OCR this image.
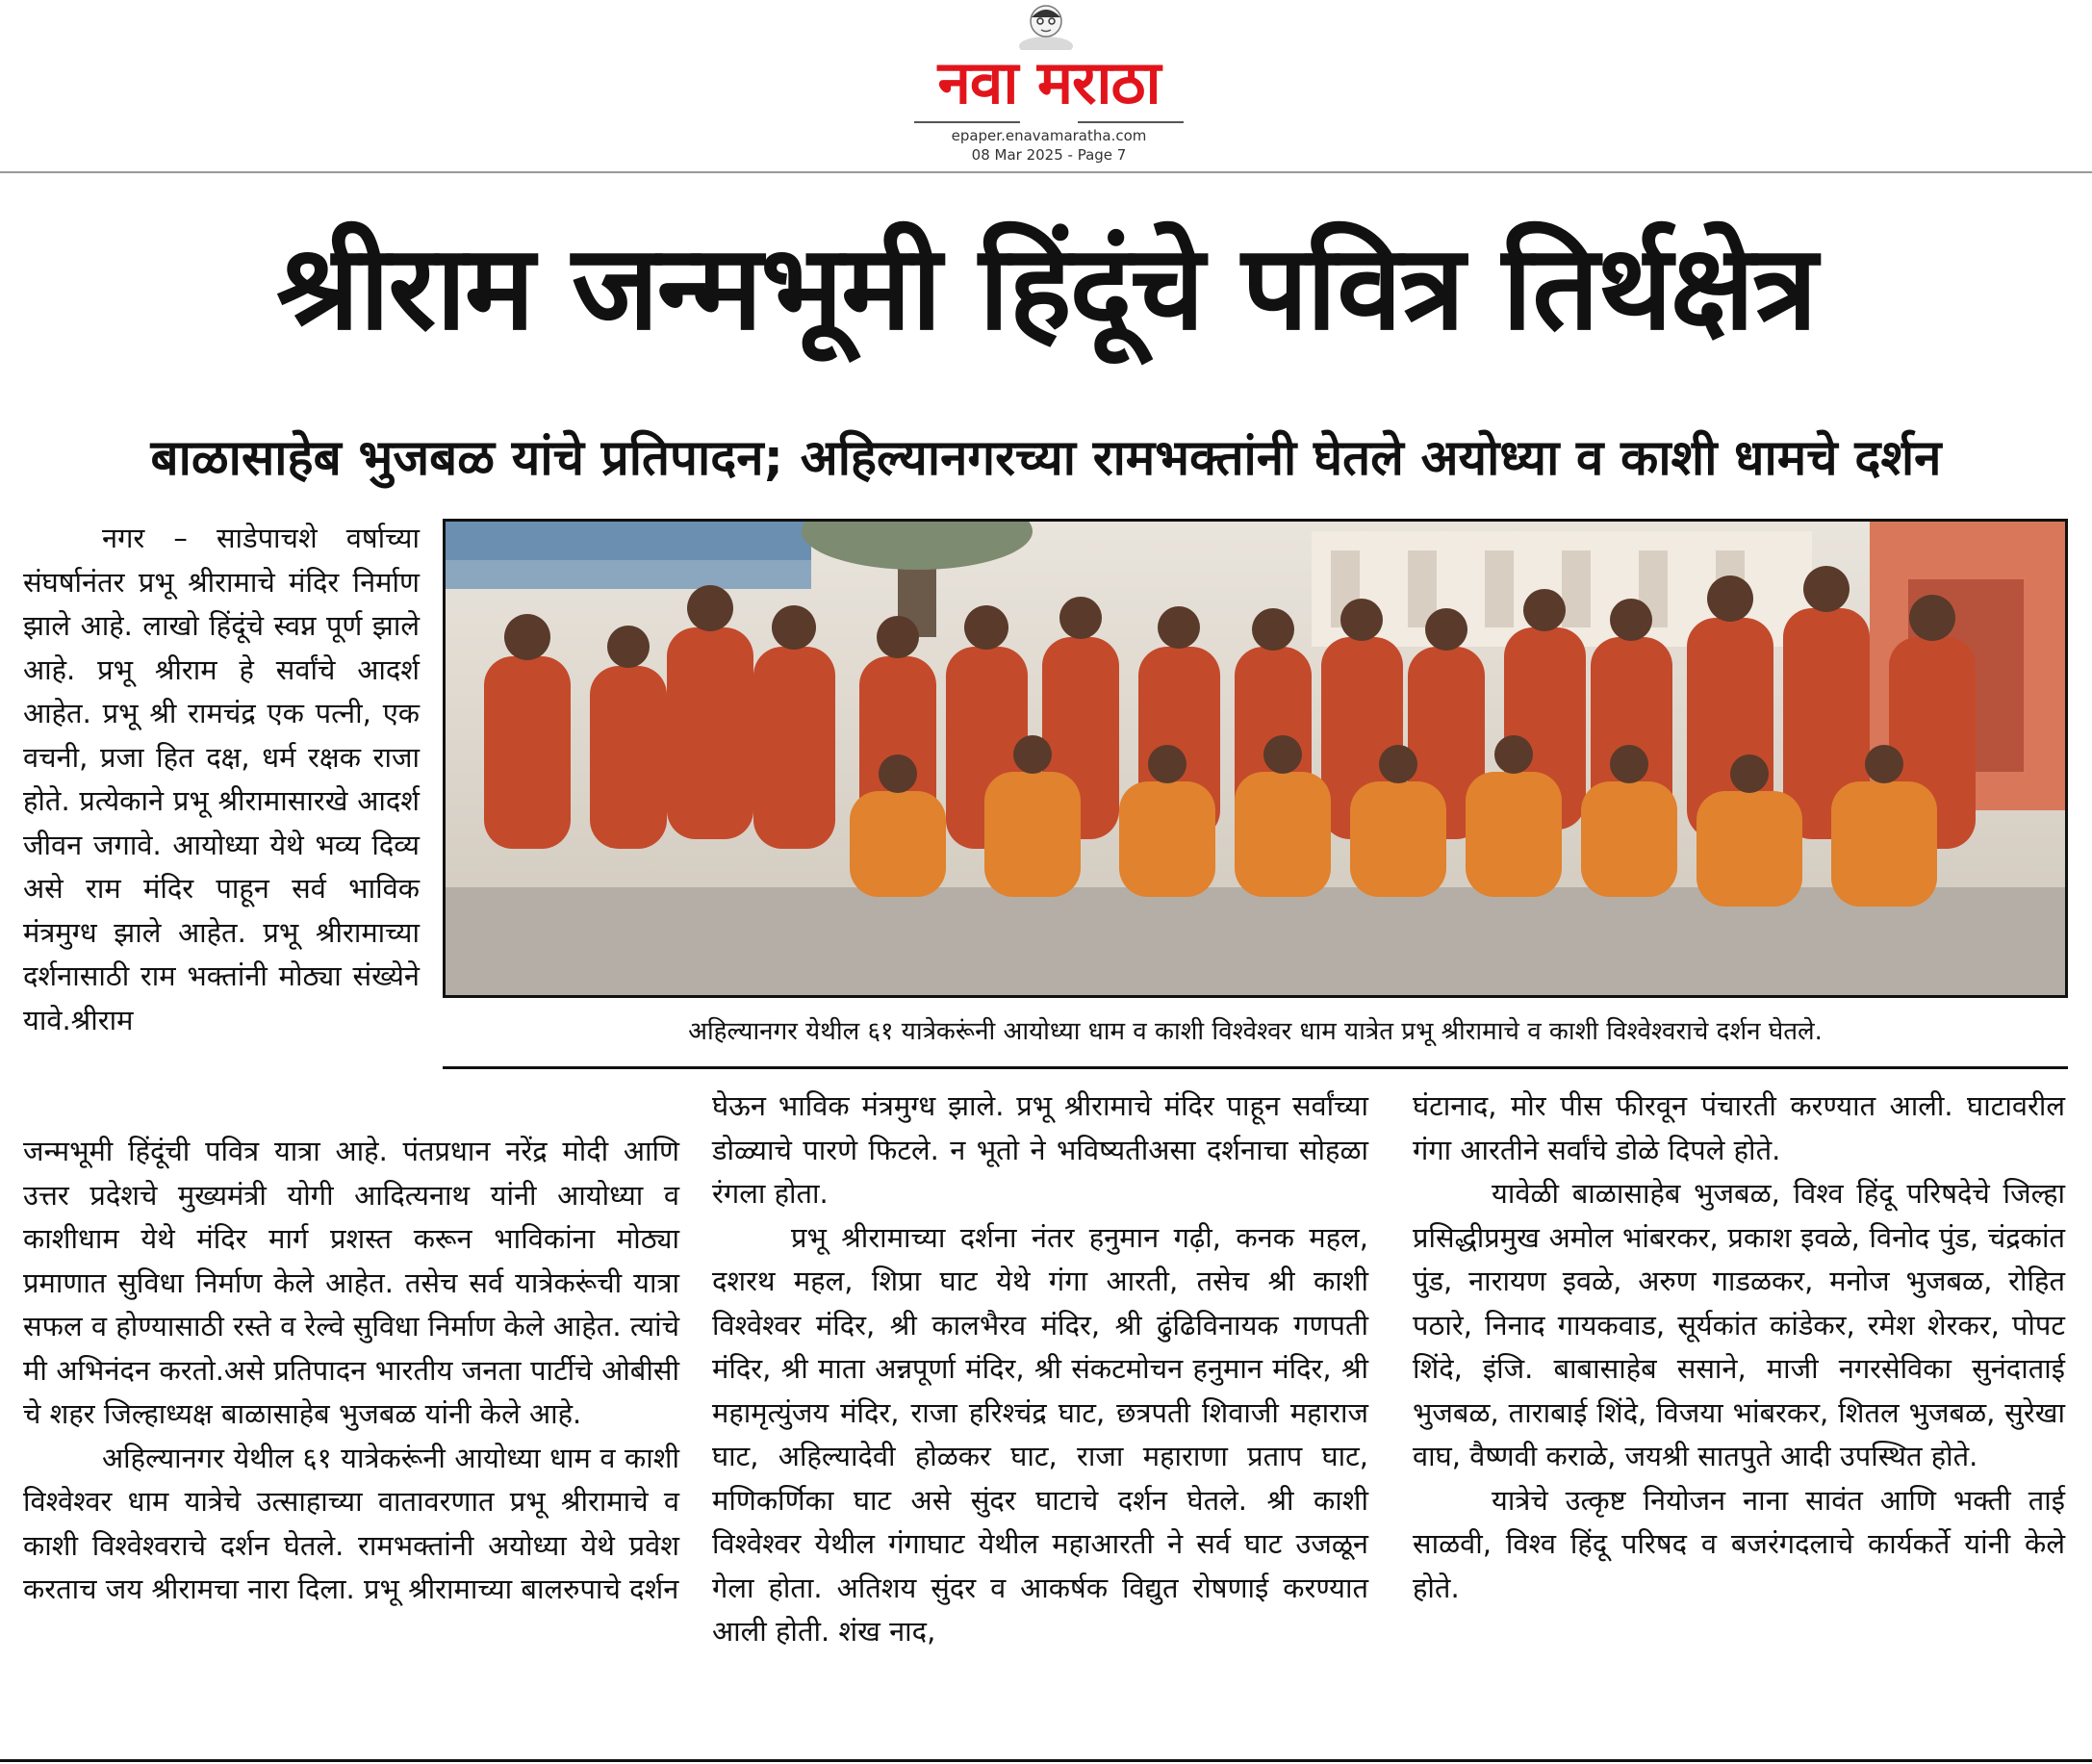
नवा मराठा
epaper.enavamaratha.com
08 Mar 2025 - Page 7
श्रीराम जन्मभूमी हिंदूंचे पवित्र तिर्थक्षेत्र
बाळासाहेब भुजबळ यांचे प्रतिपादन; अहिल्यानगरच्या रामभक्तांनी घेतले अयोध्या व काशी धामचे दर्शन
अहिल्यानगर येथील ६१ यात्रेकरूंनी आयोध्या धाम व काशी विश्वेश्वर धाम यात्रेत प्रभू श्रीरामाचे व काशी विश्वेश्वराचे दर्शन घेतले.

नगर – साडेपाचशे वर्षाच्या संघर्षानंतर प्रभू श्रीरामाचे मंदिर निर्माण झाले आहे. लाखो हिंदूंचे स्वप्न पूर्ण झाले आहे. प्रभू श्रीराम हे सर्वांचे आदर्श आहेत. प्रभू श्री रामचंद्र एक पत्नी, एक वचनी, प्रजा हित दक्ष, धर्म रक्षक राजा होते. प्रत्येकाने प्रभू श्रीरामासारखे आदर्श जीवन जगावे. आयोध्या येथे भव्य दिव्य असे राम मंदिर पाहून सर्व भाविक मंत्रमुग्ध झाले आहेत. प्रभू श्रीरामाच्या दर्शनासाठी राम भक्तांनी मोठ्या संख्येने यावे.श्रीराम

जन्मभूमी हिंदूंची पवित्र यात्रा आहे. पंतप्रधान नरेंद्र मोदी आणि उत्तर प्रदेशचे मुख्यमंत्री योगी आदित्यनाथ यांनी आयोध्या व काशीधाम येथे मंदिर मार्ग प्रशस्त करून भाविकांना मोठ्या प्रमाणात सुविधा निर्माण केले आहेत. तसेच सर्व यात्रेकरूंची यात्रा सफल व होण्यासाठी रस्ते व रेल्वे सुविधा निर्माण केले आहेत. त्यांचे मी अभिनंदन करतो.असे प्रतिपादन भारतीय जनता पार्टीचे ओबीसी चे शहर जिल्हाध्यक्ष बाळासाहेब भुजबळ यांनी केले आहे.

अहिल्यानगर येथील ६१ यात्रेकरूंनी आयोध्या धाम व काशी विश्वेश्वर धाम यात्रेचे उत्साहाच्या वातावरणात प्रभू श्रीरामाचे व काशी विश्वेश्वराचे दर्शन घेतले. रामभक्तांनी अयोध्या येथे प्रवेश करताच जय श्रीरामचा नारा दिला. प्रभू श्रीरामाच्या बालरुपाचे दर्शन

घेऊन भाविक मंत्रमुग्ध झाले. प्रभू श्रीरामाचे मंदिर पाहून सर्वांच्या डोळ्याचे पारणे फिटले. न भूतो ने भविष्यतीअसा दर्शनाचा सोहळा रंगला होता.

प्रभू श्रीरामाच्या दर्शना नंतर हनुमान गढ़ी, कनक महल, दशरथ महल, शिप्रा घाट येथे गंगा आरती, तसेच श्री काशी विश्वेश्वर मंदिर, श्री कालभैरव मंदिर, श्री ढुंढिविनायक गणपती मंदिर, श्री माता अन्नपूर्णा मंदिर, श्री संकटमोचन हनुमान मंदिर, श्री महामृत्युंजय मंदिर, राजा हरिश्चंद्र घाट, छत्रपती शिवाजी महाराज घाट, अहिल्यादेवी होळकर घाट, राजा महाराणा प्रताप घाट, मणिकर्णिका घाट असे सुंदर घाटाचे दर्शन घेतले. श्री काशी विश्वेश्वर येथील गंगाघाट येथील महाआरती ने सर्व घाट उजळून गेला होता. अतिशय सुंदर व आकर्षक विद्युत रोषणाई करण्यात आली होती. शंख नाद,

घंटानाद, मोर पीस फीरवून पंचारती करण्यात आली. घाटावरील गंगा आरतीने सर्वांचे डोळे दिपले होते.

यावेळी बाळासाहेब भुजबळ, विश्व हिंदू परिषदेचे जिल्हा प्रसिद्धीप्रमुख अमोल भांबरकर, प्रकाश इवळे, विनोद पुंड, चंद्रकांत पुंड, नारायण इवळे, अरुण गाडळकर, मनोज भुजबळ, रोहित पठारे, निनाद गायकवाड, सूर्यकांत कांडेकर, रमेश शेरकर, पोपट शिंदे, इंजि. बाबासाहेब ससाने, माजी नगरसेविका सुनंदाताई भुजबळ, ताराबाई शिंदे, विजया भांबरकर, शितल भुजबळ, सुरेखा वाघ, वैष्णवी कराळे, जयश्री सातपुते आदी उपस्थित होते.

यात्रेचे उत्कृष्ट नियोजन नाना सावंत आणि भक्ती ताई साळवी, विश्व हिंदू परिषद व बजरंगदलाचे कार्यकर्ते यांनी केले होते.
